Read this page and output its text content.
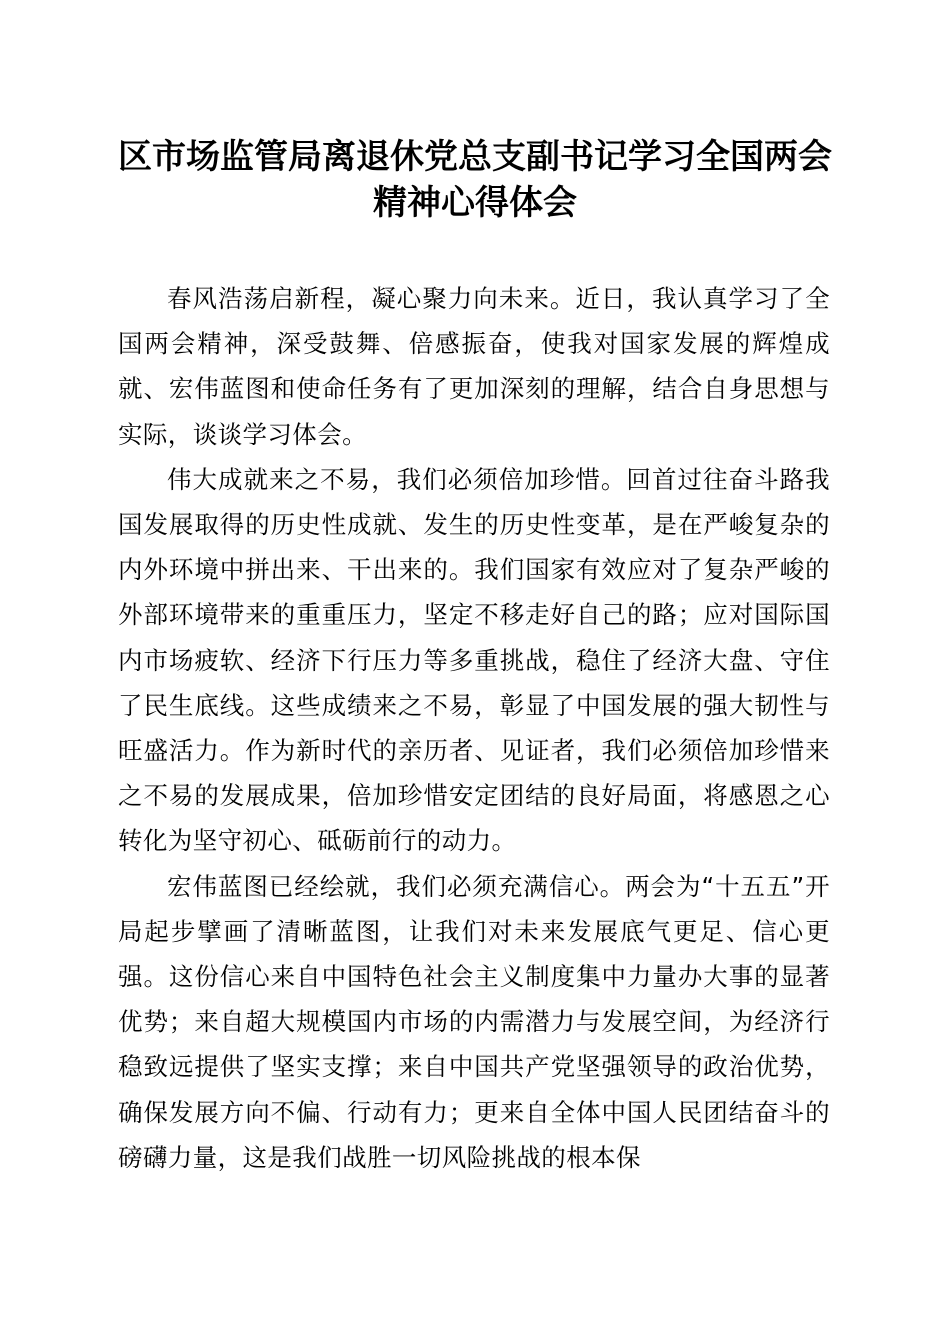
区市场监管局离退休党总支副书记学习全国两会精神心得体会

春风浩荡启新程，凝心聚力向未来。近日，我认真学习了全国两会精神，深受鼓舞、倍感振奋，使我对国家发展的辉煌成就、宏伟蓝图和使命任务有了更加深刻的理解，结合自身思想与实际，谈谈学习体会。

伟大成就来之不易，我们必须倍加珍惜。回首过往奋斗路我国发展取得的历史性成就、发生的历史性变革，是在严峻复杂的内外环境中拼出来、干出来的。我们国家有效应对了复杂严峻的外部环境带来的重重压力，坚定不移走好自己的路；应对国际国内市场疲软、经济下行压力等多重挑战，稳住了经济大盘、守住了民生底线。这些成绩来之不易，彰显了中国发展的强大韧性与旺盛活力。作为新时代的亲历者、见证者，我们必须倍加珍惜来之不易的发展成果，倍加珍惜安定团结的良好局面，将感恩之心转化为坚守初心、砥砺前行的动力。

宏伟蓝图已经绘就，我们必须充满信心。两会为“十五五”开局起步擘画了清晰蓝图，让我们对未来发展底气更足、信心更强。这份信心来自中国特色社会主义制度集中力量办大事的显著优势；来自超大规模国内市场的内需潜力与发展空间，为经济行稳致远提供了坚实支撑；来自中国共产党坚强领导的政治优势，确保发展方向不偏、行动有力；更来自全体中国人民团结奋斗的磅礴力量，这是我们战胜一切风险挑战的根本保
